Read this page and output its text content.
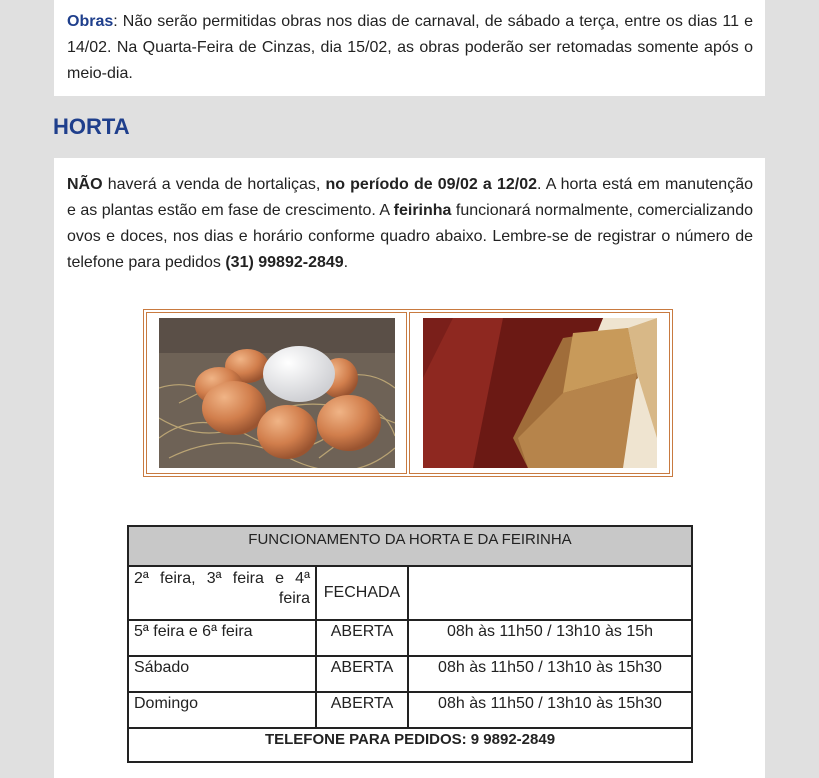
Obras: Não serão permitidas obras nos dias de carnaval, de sábado a terça, entre os dias 11 e 14/02. Na Quarta-Feira de Cinzas, dia 15/02, as obras poderão ser retomadas somente após o meio-dia.

HORTA

NÃO haverá a venda de hortaliças, no período de 09/02 a 12/02. A horta está em manutenção e as plantas estão em fase de crescimento. A feirinha funcionará normalmente, comercializando ovos e doces, nos dias e horário conforme quadro abaixo. Lembre-se de registrar o número de telefone para pedidos (31) 99892-2849.

FUNCIONAMENTO DA HORTA E DA FEIRINHA		

2ª feira, 3ª feira e 4ª feira	FECHADA	
5ª feira e 6ª feira	ABERTA	08h às 11h50 / 13h10 às 15h
Sábado	ABERTA	08h às 11h50 / 13h10 às 15h30
Domingo	ABERTA	08h às 11h50 / 13h10 às 15h30
TELEFONE PARA PEDIDOS: 9 9892-2849		
